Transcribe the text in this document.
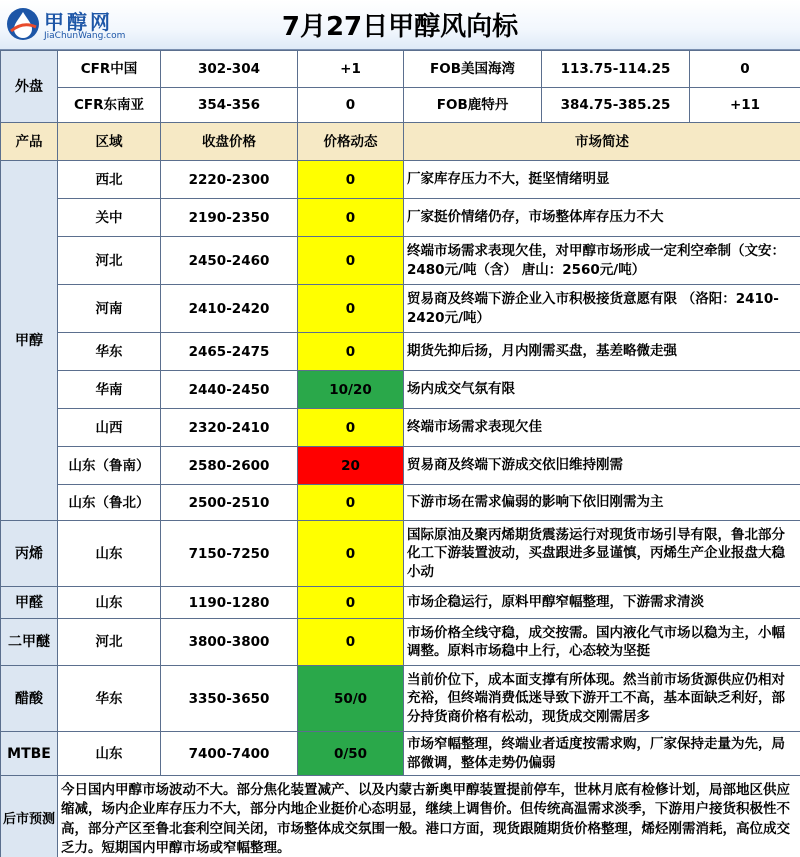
甲醇网
JiaChunWang.com	7月27日甲醇风向标
外盘	CFR中国	302-304	+1	FOB美国海湾	113.75-114.25	0
	CFR东南亚	354-356	0	FOB鹿特丹	384.75-385.25	+11
产品	区域	收盘价格	价格动态	市场简述		
甲醇	西北	2220-2300	0	厂家库存压力不大，挺坚情绪明显		
	关中	2190-2350	0	厂家挺价情绪仍存，市场整体库存压力不大		
	河北	2450-2460	0	终端市场需求表现欠佳，对甲醇市场形成一定利空牵制（文安：2480元/吨（含） 唐山：2560元/吨）		
	河南	2410-2420	0	贸易商及终端下游企业入市积极接货意愿有限 （洛阳：2410-2420元/吨）		
	华东	2465-2475	0	期货先抑后扬，月内刚需买盘，基差略微走强		
	华南	2440-2450	10/20	场内成交气氛有限		
	山西	2320-2410	0	终端市场需求表现欠佳		
	山东（鲁南）	2580-2600	20	贸易商及终端下游成交依旧维持刚需		
	山东（鲁北）	2500-2510	0	下游市场在需求偏弱的影响下依旧刚需为主		
丙烯	山东	7150-7250	0	国际原油及聚丙烯期货震荡运行对现货市场引导有限，鲁北部分化工下游装置波动，买盘跟进多显谨慎，丙烯生产企业报盘大稳小动		
甲醛	山东	1190-1280	0	市场企稳运行，原料甲醇窄幅整理，下游需求清淡		
二甲醚	河北	3800-3800	0	市场价格全线守稳，成交按需。国内液化气市场以稳为主，小幅调整。原料市场稳中上行，心态较为坚挺		
醋酸	华东	3350-3650	50/0	当前价位下，成本面支撑有所体现。然当前市场货源供应仍相对充裕，但终端消费低迷导致下游开工不高，基本面缺乏利好，部分持货商价格有松动，现货成交刚需居多		
MTBE	山东	7400-7400	0/50	市场窄幅整理，终端业者适度按需求购，厂家保持走量为先，局部微调，整体走势仍偏弱		
后市预测	今日国内甲醇市场波动不大。部分焦化装置减产、以及内蒙古新奥甲醇装置提前停车，世林月底有检修计划，局部地区供应缩减，场内企业库存压力不大，部分内地企业挺价心态明显，继续上调售价。但传统高温需求淡季，下游用户接货积极性不高，部分产区至鲁北套利空间关闭，市场整体成交氛围一般。港口方面，现货跟随期货价格整理，烯烃刚需消耗，高位成交乏力。短期国内甲醇市场或窄幅整理。					
